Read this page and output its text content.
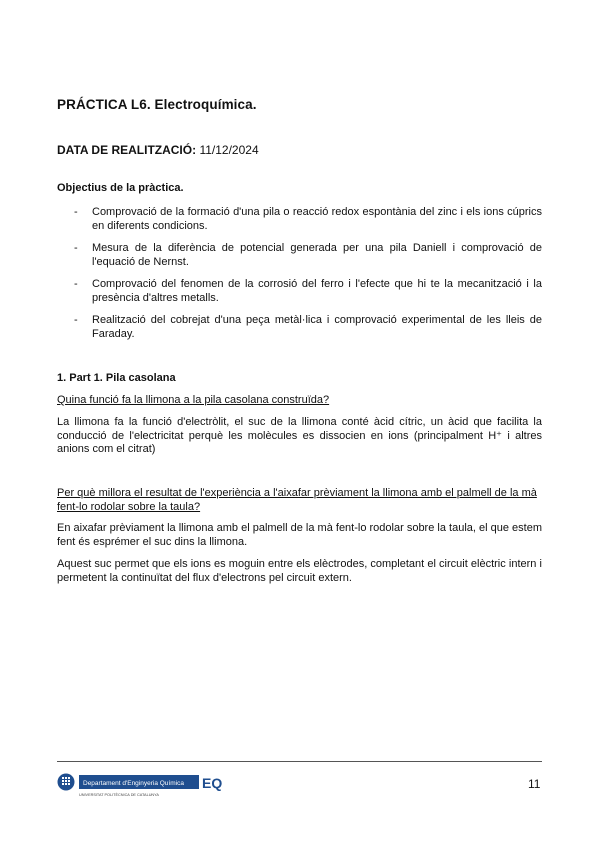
PRÁCTICA L6. Electroquímica.
DATA DE REALITZACIÓ: 11/12/2024
Objectius de la pràctica.
- Comprovació de la formació d'una pila o reacció redox espontània del zinc i els ions cúprics en diferents condicions.
- Mesura de la diferència de potencial generada per una pila Daniell i comprovació de l'equació de Nernst.
- Comprovació del fenomen de la corrosió del ferro i l'efecte que hi te la mecanització i la presència d'altres metalls.
- Realització del cobrejat d'una peça metàl·lica i comprovació experimental de les lleis de Faraday.
1. Part 1. Pila casolana
Quina funció fa la llimona a la pila casolana construïda?

La llimona fa la funció d'electròlit, el suc de la llimona conté àcid cítric, un àcid que facilita la conducció de l'electricitat perquè les molècules es dissocien en ions (principalment H⁺ i altres anions com el citrat)

Per què millora el resultat de l'experiència a l'aixafar prèviament la llimona amb el palmell de la mà fent-lo rodolar sobre la taula?

En aixafar prèviament la llimona amb el palmell de la mà fent-lo rodolar sobre la taula, el que estem fent és esprémer el suc dins la llimona.

Aquest suc permet que els ions es moguin entre els elèctrodes, completant el circuit elèctric intern i permetent la continuïtat del flux d'electrons pel circuit extern.

Departament d'Enginyeria Química EQ
UNIVERSITAT POLITÈCNICA DE CATALUNYA
11
